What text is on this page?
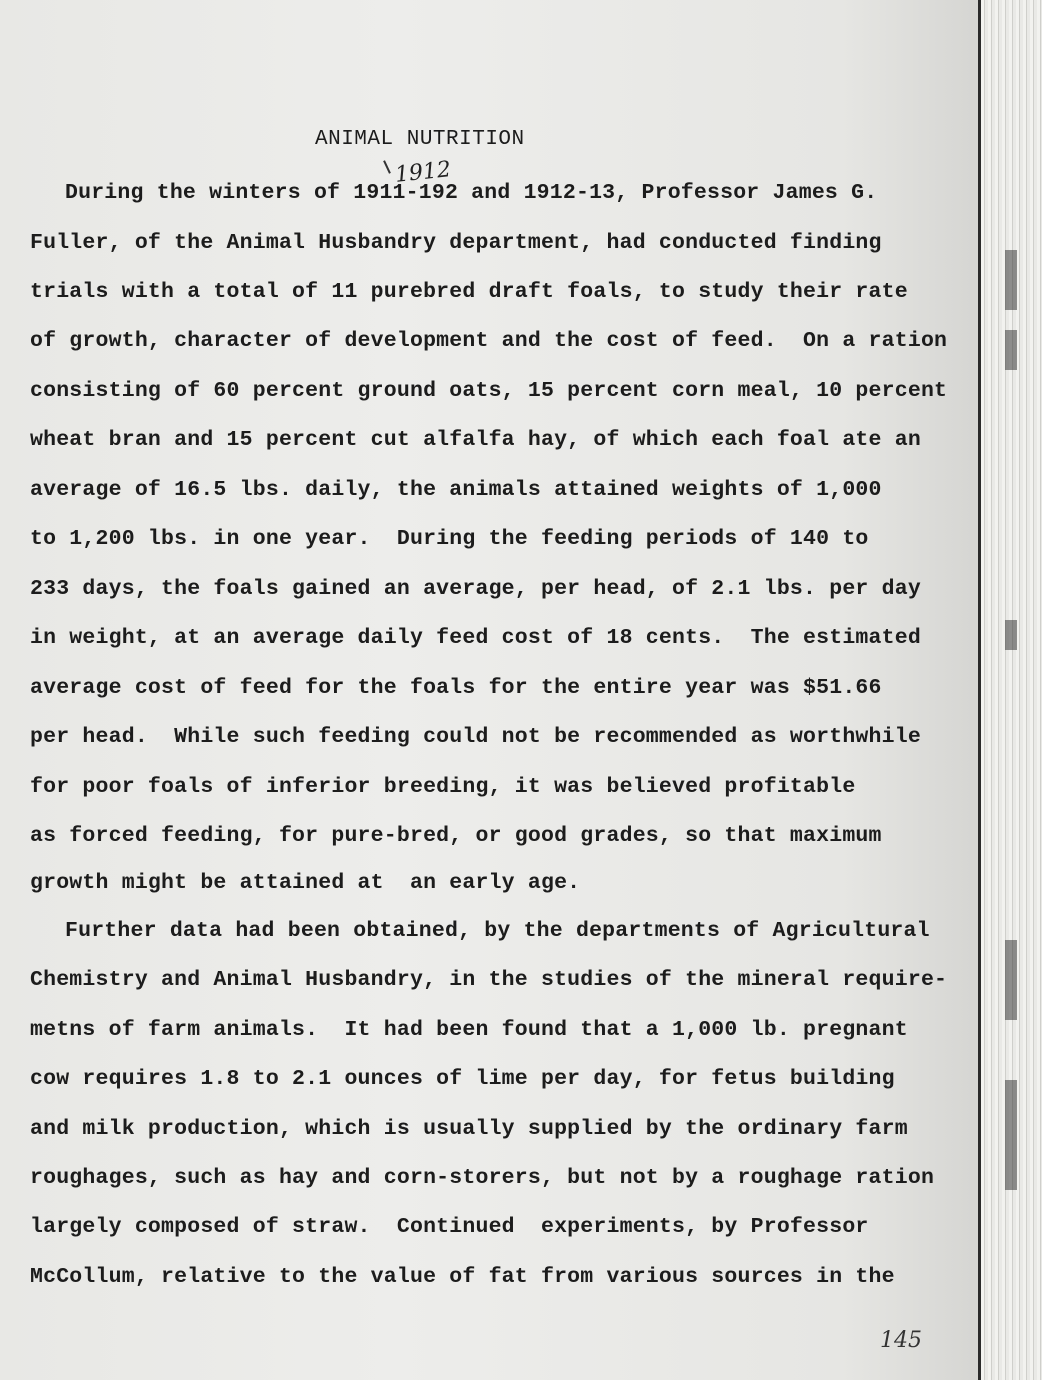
ANIMAL NUTRITION
1912
During the winters of 1911-192 and 1912-13, Professor James G.
Fuller, of the Animal Husbandry department, had conducted finding
trials with a total of 11 purebred draft foals, to study their rate
of growth, character of development and the cost of feed.  On a ration
consisting of 60 percent ground oats, 15 percent corn meal, 10 percent
wheat bran and 15 percent cut alfalfa hay, of which each foal ate an
average of 16.5 lbs. daily, the animals attained weights of 1,000
to 1,200 lbs. in one year.  During the feeding periods of 140 to
233 days, the foals gained an average, per head, of 2.1 lbs. per day
in weight, at an average daily feed cost of 18 cents.  The estimated
average cost of feed for the foals for the entire year was $51.66
per head.  While such feeding could not be recommended as worthwhile
for poor foals of inferior breeding, it was believed profitable
as forced feeding, for pure-bred, or good grades, so that maximum
growth might be attained at  an early age.
Further data had been obtained, by the departments of Agricultural
Chemistry and Animal Husbandry, in the studies of the mineral require-
metns of farm animals.  It had been found that a 1,000 lb. pregnant
cow requires 1.8 to 2.1 ounces of lime per day, for fetus building
and milk production, which is usually supplied by the ordinary farm
roughages, such as hay and corn-storers, but not by a roughage ration
largely composed of straw.  Continued  experiments, by Professor
McCollum, relative to the value of fat from various sources in the
145
